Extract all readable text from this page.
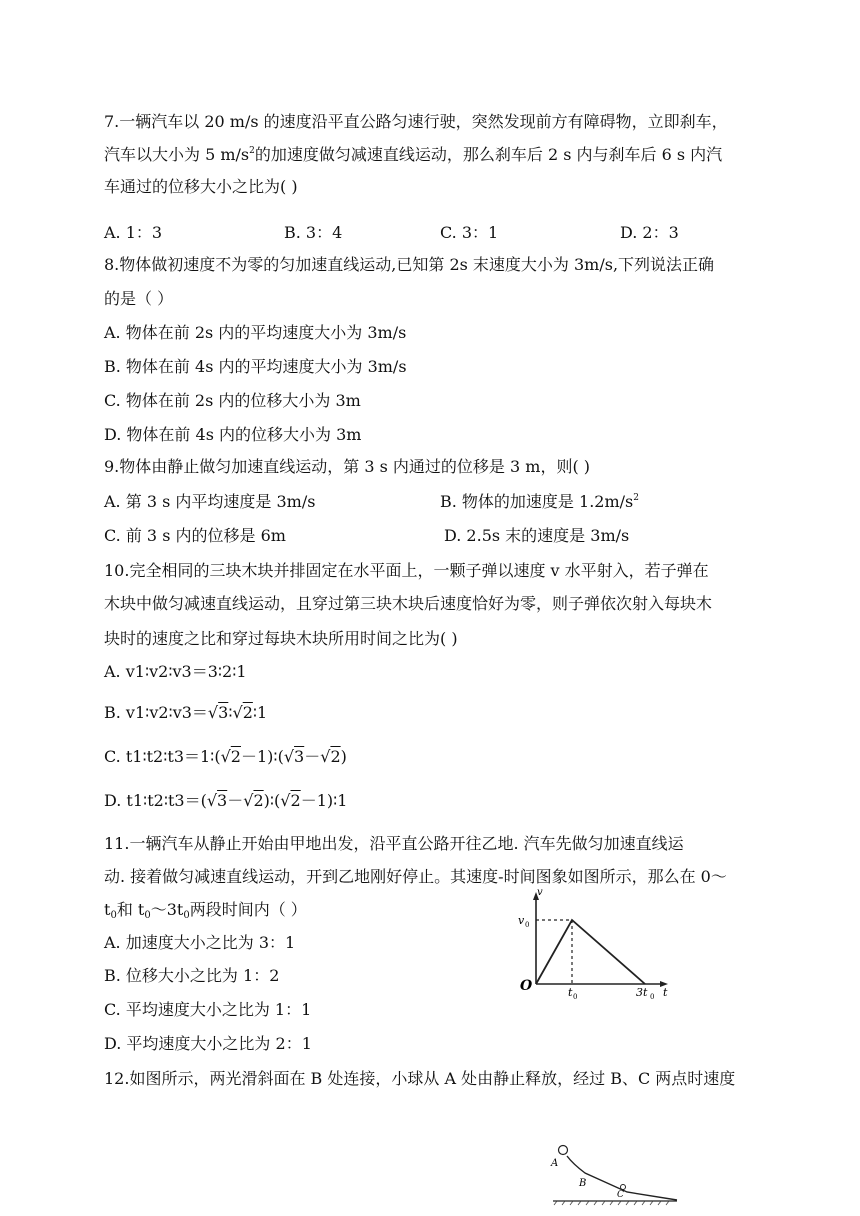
7.一辆汽车以 20 m/s 的速度沿平直公路匀速行驶，突然发现前方有障碍物，立即刹车，
汽车以大小为 5 $m/s^2$的加速度做匀减速直线运动，那么刹车后 2 s 内与刹车后 6 s 内汽
车通过的位移大小之比为( )
A. 1：3	B. 3：4	C. 3：1	D. 2：3
8.物体做初速度不为零的匀加速直线运动,已知第 2s 末速度大小为 3m/s,下列说法正确
的是（ ）
A. 物体在前 2s 内的平均速度大小为 3m/s
B. 物体在前 4s 内的平均速度大小为 3m/s
C. 物体在前 2s 内的位移大小为 3m
D. 物体在前 4s 内的位移大小为 3m
9.物体由静止做匀加速直线运动，第 3 s 内通过的位移是 3 m，则( )
A. 第 3 s 内平均速度是 3m/s	B. 物体的加速度是 $1.2m/s^2$
C. 前 3 s 内的位移是 6m	D. 2.5s 末的速度是 3m/s
10.完全相同的三块木块并排固定在水平面上，一颗子弹以速度 v 水平射入，若子弹在
木块中做匀减速直线运动，且穿过第三块木块后速度恰好为零，则子弹依次射入每块木
块时的速度之比和穿过每块木块所用时间之比为( )
A. v1∶v2∶v3＝3∶2∶1
B. v1∶v2∶v3＝√3∶√2∶1
C. t1∶t2∶t3＝1∶(√2－1)∶(√3－√2)
D. t1∶t2∶t3＝(√3－√2)∶(√2－1)∶1
11.一辆汽车从静止开始由甲地出发，沿平直公路开往乙地. 汽车先做匀加速直线运
动. 接着做匀减速直线运动，开到乙地刚好停止。其速度-时间图象如图所示，那么在 0～
$t_0$和 $t_0\sim 3t_0$两段时间内（ ）
A. 加速度大小之比为 3：1
B. 位移大小之比为 1：2
C. 平均速度大小之比为 1：1
D. 平均速度大小之比为 2：1
v
v 0
O	t 0	3t 0 t
12.如图所示，两光滑斜面在 B 处连接，小球从 A 处由静止释放，经过 B、C 两点时速度
A
B
C
